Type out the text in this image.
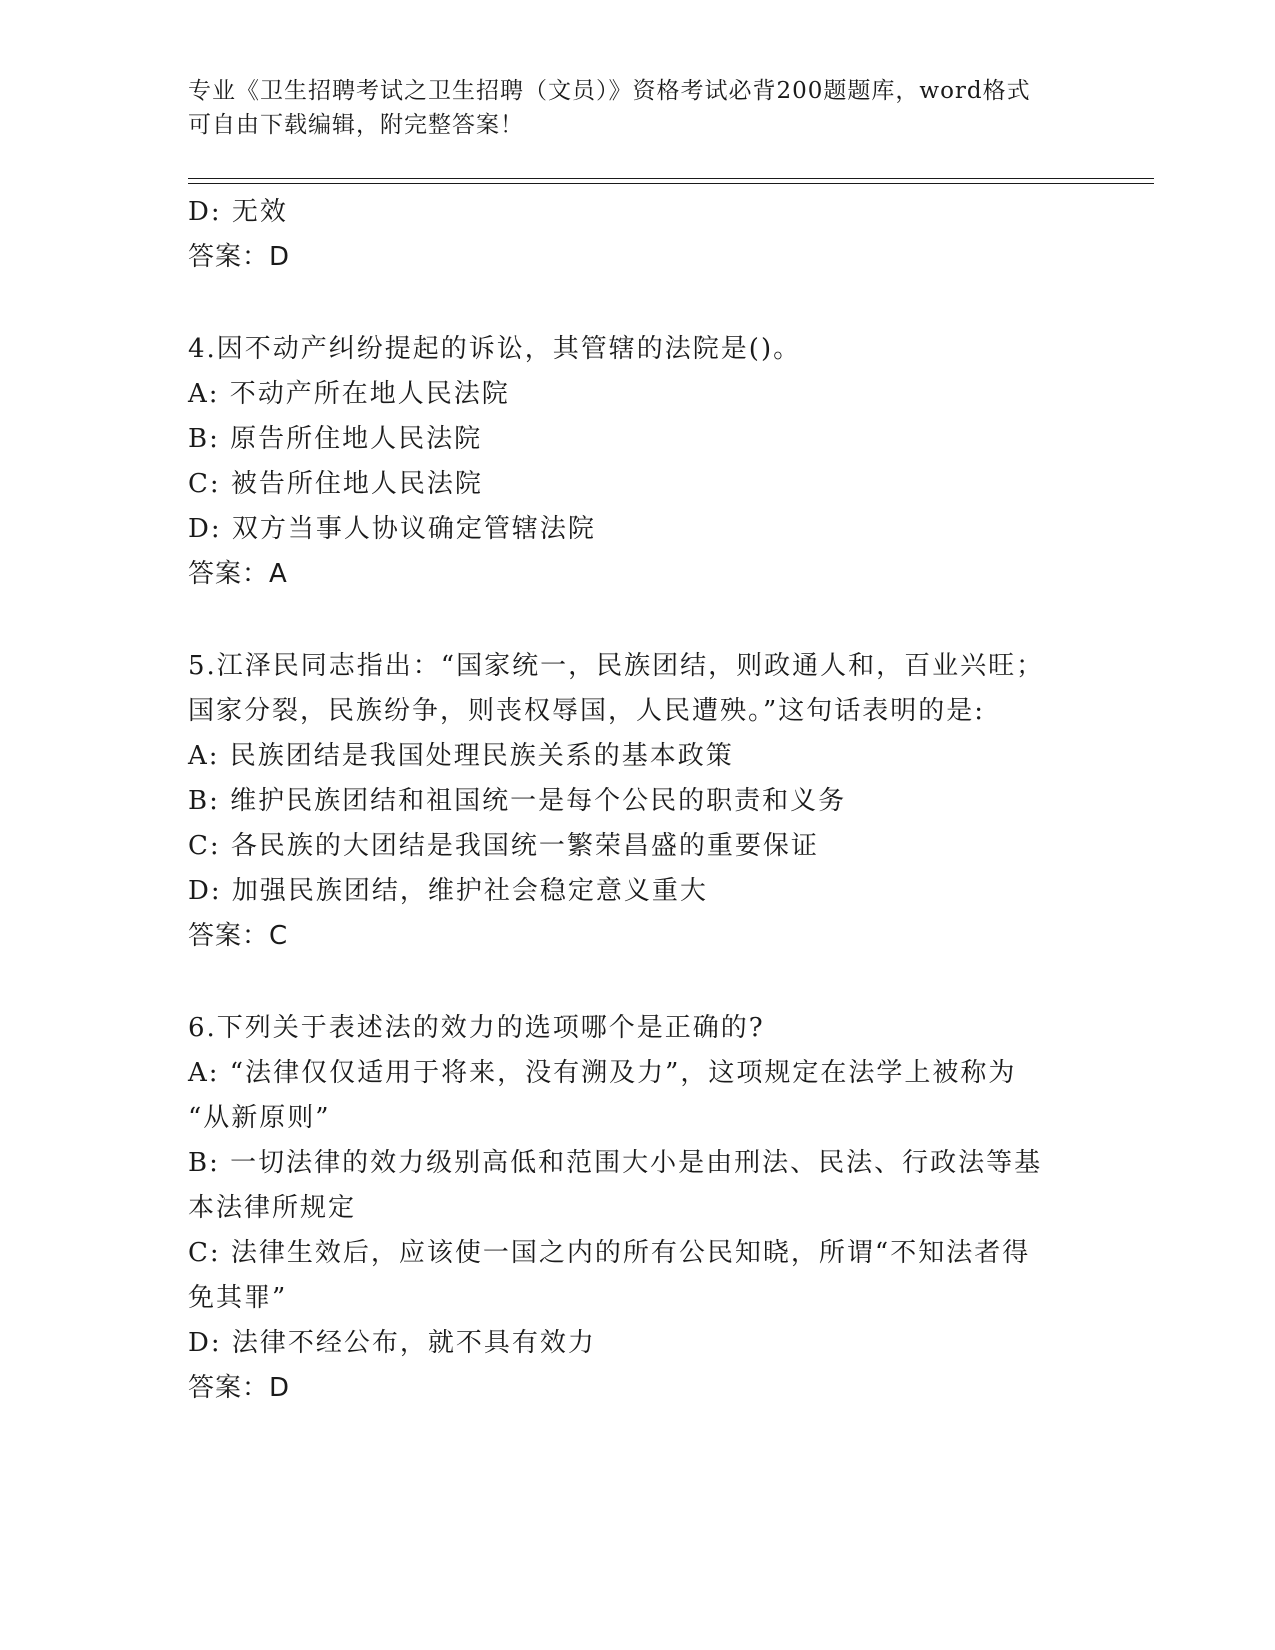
专业《卫生招聘考试之卫生招聘（文员）》资格考试必背200题题库，word格式
可自由下载编辑，附完整答案！
D: 无效
答案：D
4.因不动产纠纷提起的诉讼，其管辖的法院是()。
A: 不动产所在地人民法院
B: 原告所住地人民法院
C: 被告所住地人民法院
D: 双方当事人协议确定管辖法院
答案：A
5.江泽民同志指出：“国家统一，民族团结，则政通人和，百业兴旺；
国家分裂，民族纷争，则丧权辱国，人民遭殃。”这句话表明的是:
A: 民族团结是我国处理民族关系的基本政策
B: 维护民族团结和祖国统一是每个公民的职责和义务
C: 各民族的大团结是我国统一繁荣昌盛的重要保证
D: 加强民族团结，维护社会稳定意义重大
答案：C
6.下列关于表述法的效力的选项哪个是正确的?
A: “法律仅仅适用于将来，没有溯及力”，这项规定在法学上被称为
“从新原则”
B: 一切法律的效力级别高低和范围大小是由刑法、民法、行政法等基
本法律所规定
C: 法律生效后，应该使一国之内的所有公民知晓，所谓“不知法者得
免其罪”
D: 法律不经公布，就不具有效力
答案：D
